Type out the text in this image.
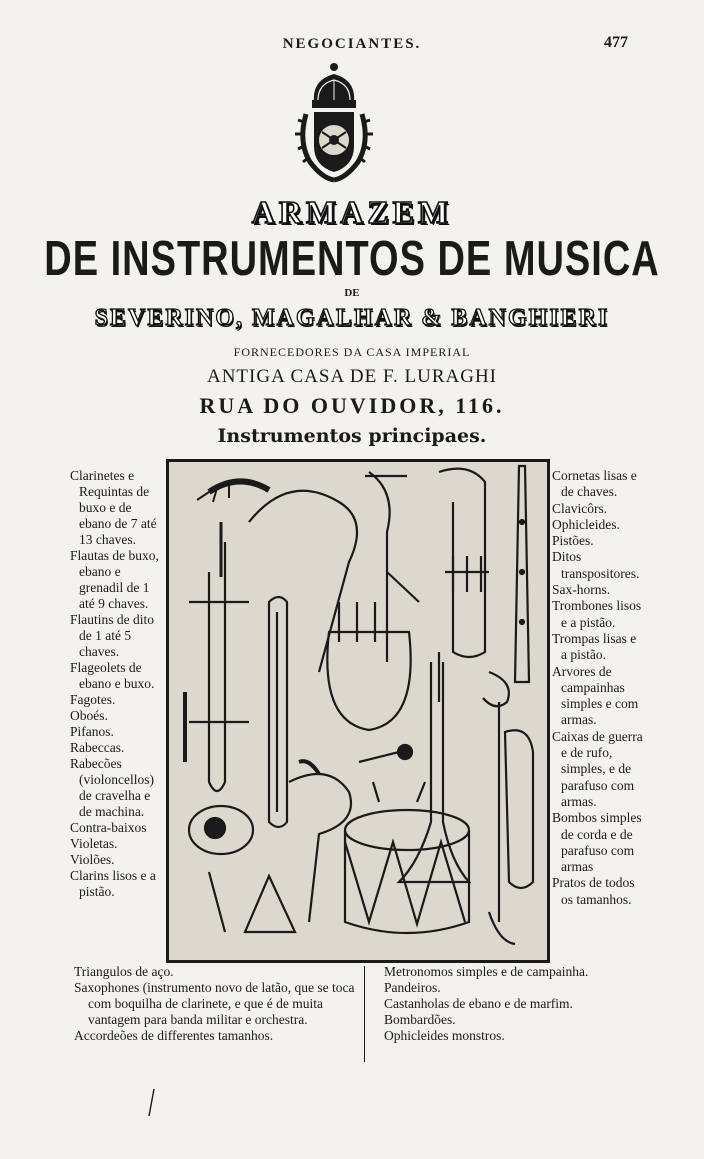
NEGOCIANTES.	477
ARMAZEM
DE INSTRUMENTOS DE MUSICA
DE
SEVERINO, MAGALHAR & BANGHIERI
FORNECEDORES DA CASA IMPERIAL
ANTIGA CASA DE F. LURAGHI
RUA DO OUVIDOR, 116.
Instrumentos principaes.
Clarinetes e Requintas de buxo e de ebano de 7 até 13 chaves.
Flautas de buxo, ebano e grenadil de 1 até 9 chaves.
Flautins de dito de 1 até 5 chaves.
Flageolets de ebano e buxo.
Fagotes.
Oboés.
Pifanos.
Rabeccas.
Rabecões (violoncellos) de cravelha e de machina.
Contra-baixos
Violetas.
Violões.
Clarins lisos e a pistão.
Cornetas lisas e de chaves.
Clavicôrs.
Ophicleides.
Pistões.
Ditos transpositores.
Sax-horns.
Trombones lisos e a pistão.
Trompas lisas e a pistão.
Arvores de campainhas simples e com armas.
Caixas de guerra e de rufo, simples, e de parafuso com armas.
Bombos simples de corda e de parafuso com armas
Pratos de todos os tamanhos.
Triangulos de aço.
Saxophones (instrumento novo de latão, que se toca com boquilha de clarinete, e que é de muita vantagem para banda militar e orchestra.
Accordeões de differentes tamanhos.
Metronomos simples e de campainha.
Pandeiros.
Castanholas de ebano e de marfim.
Bombardões.
Ophicleides monstros.
